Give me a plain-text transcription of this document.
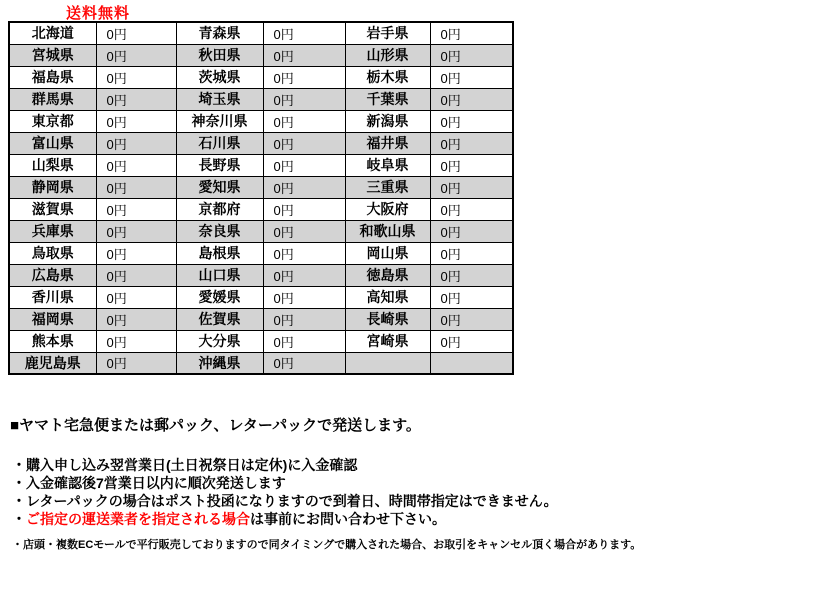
送料無料
北海道	0円	青森県	0円	岩手県	0円
宮城県	0円	秋田県	0円	山形県	0円
福島県	0円	茨城県	0円	栃木県	0円
群馬県	0円	埼玉県	0円	千葉県	0円
東京都	0円	神奈川県	0円	新潟県	0円
富山県	0円	石川県	0円	福井県	0円
山梨県	0円	長野県	0円	岐阜県	0円
静岡県	0円	愛知県	0円	三重県	0円
滋賀県	0円	京都府	0円	大阪府	0円
兵庫県	0円	奈良県	0円	和歌山県	0円
鳥取県	0円	島根県	0円	岡山県	0円
広島県	0円	山口県	0円	徳島県	0円
香川県	0円	愛媛県	0円	高知県	0円
福岡県	0円	佐賀県	0円	長崎県	0円
熊本県	0円	大分県	0円	宮崎県	0円
鹿児島県	0円	沖縄県	0円		
■ヤマト宅急便または郵パック、レターパックで発送します。
・購入申し込み翌営業日(土日祝祭日は定休)に入金確認
・入金確認後7営業日以内に順次発送します
・レターパックの場合はポスト投函になりますので到着日、時間帯指定はできません。
・ご指定の運送業者を指定される場合は事前にお問い合わせ下さい。
・店頭・複数ECモールで平行販売しておりますので同タイミングで購入された場合、お取引をキャンセル頂く場合があります。
